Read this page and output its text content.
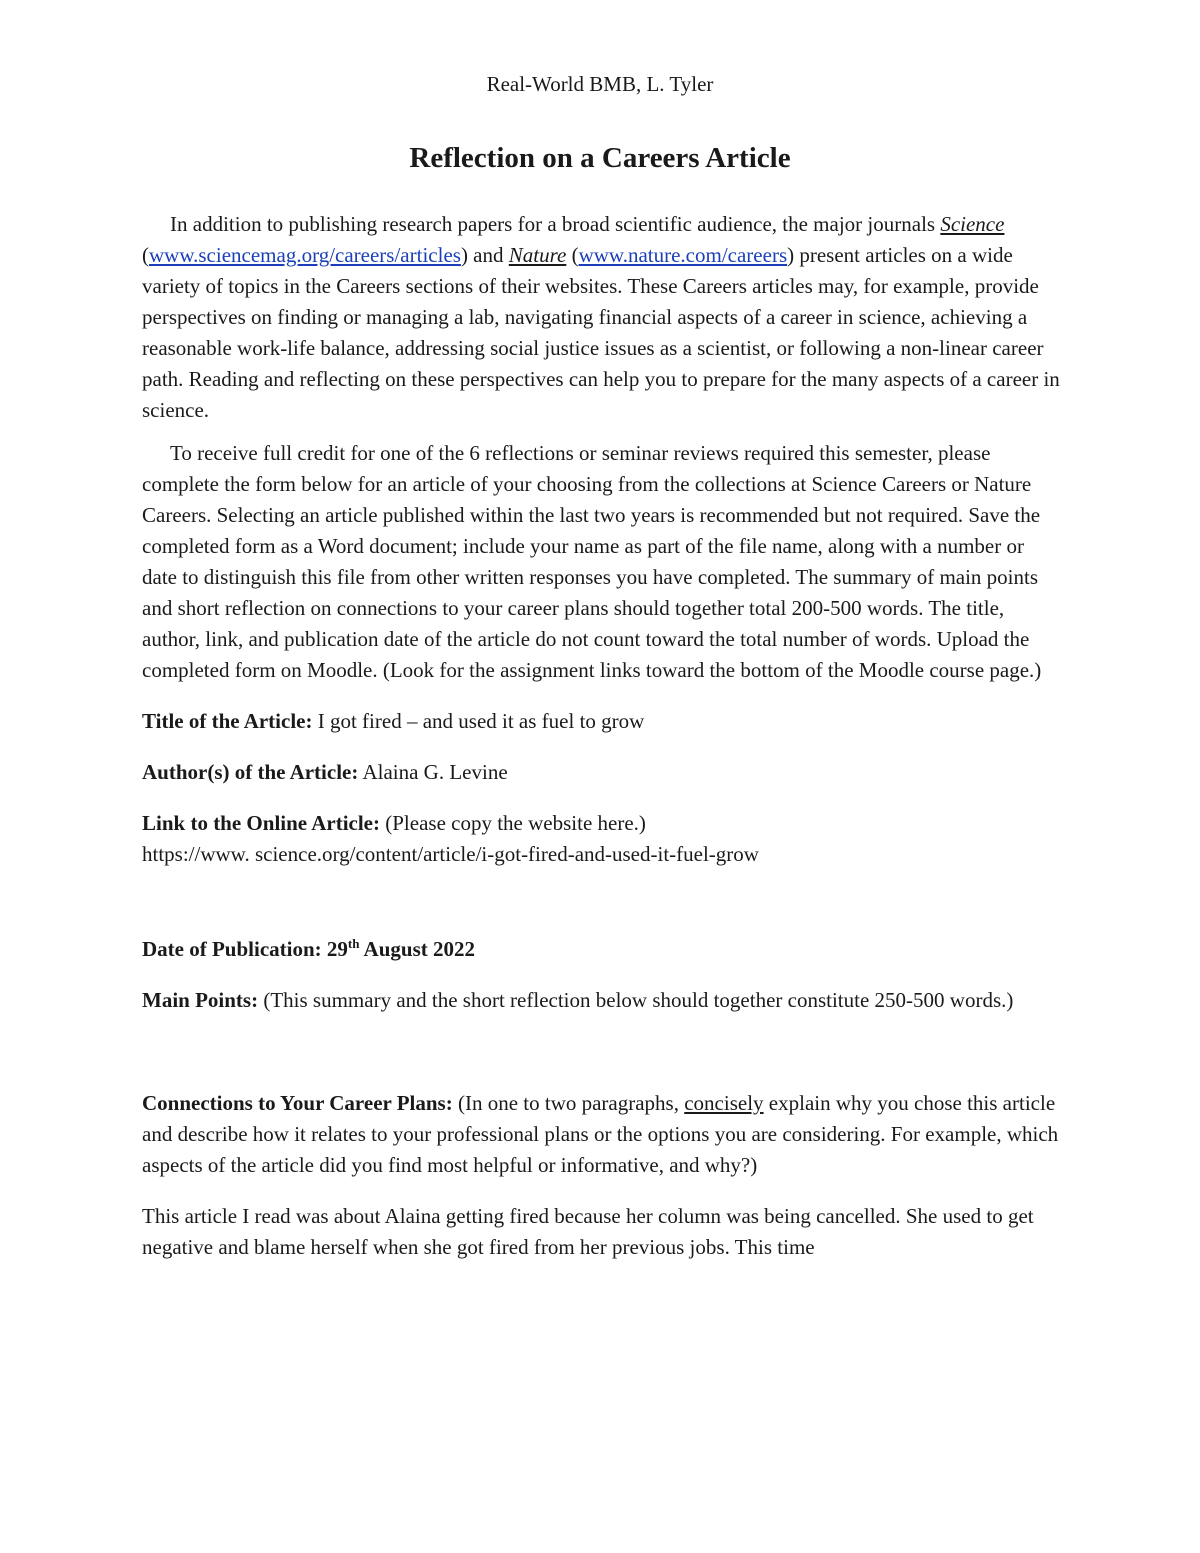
Real-World BMB, L. Tyler
Reflection on a Careers Article

In addition to publishing research papers for a broad scientific audience, the major journals Science (www.sciencemag.org/careers/articles) and Nature (www.nature.com/careers) present articles on a wide variety of topics in the Careers sections of their websites. These Careers articles may, for example, provide perspectives on finding or managing a lab, navigating financial aspects of a career in science, achieving a reasonable work-life balance, addressing social justice issues as a scientist, or following a non-linear career path. Reading and reflecting on these perspectives can help you to prepare for the many aspects of a career in science.

To receive full credit for one of the 6 reflections or seminar reviews required this semester, please complete the form below for an article of your choosing from the collections at Science Careers or Nature Careers. Selecting an article published within the last two years is recommended but not required. Save the completed form as a Word document; include your name as part of the file name, along with a number or date to distinguish this file from other written responses you have completed. The summary of main points and short reflection on connections to your career plans should together total 200-500 words. The title, author, link, and publication date of the article do not count toward the total number of words. Upload the completed form on Moodle. (Look for the assignment links toward the bottom of the Moodle course page.)

Title of the Article: I got fired – and used it as fuel to grow

Author(s) of the Article: Alaina G. Levine

Link to the Online Article: (Please copy the website here.)
https://www. science.org/content/article/i-got-fired-and-used-it-fuel-grow

Date of Publication: 29th August 2022

Main Points: (This summary and the short reflection below should together constitute 250-500 words.)

Connections to Your Career Plans: (In one to two paragraphs, concisely explain why you chose this article and describe how it relates to your professional plans or the options you are considering. For example, which aspects of the article did you find most helpful or informative, and why?)

This article I read was about Alaina getting fired because her column was being cancelled. She used to get negative and blame herself when she got fired from her previous jobs. This time
